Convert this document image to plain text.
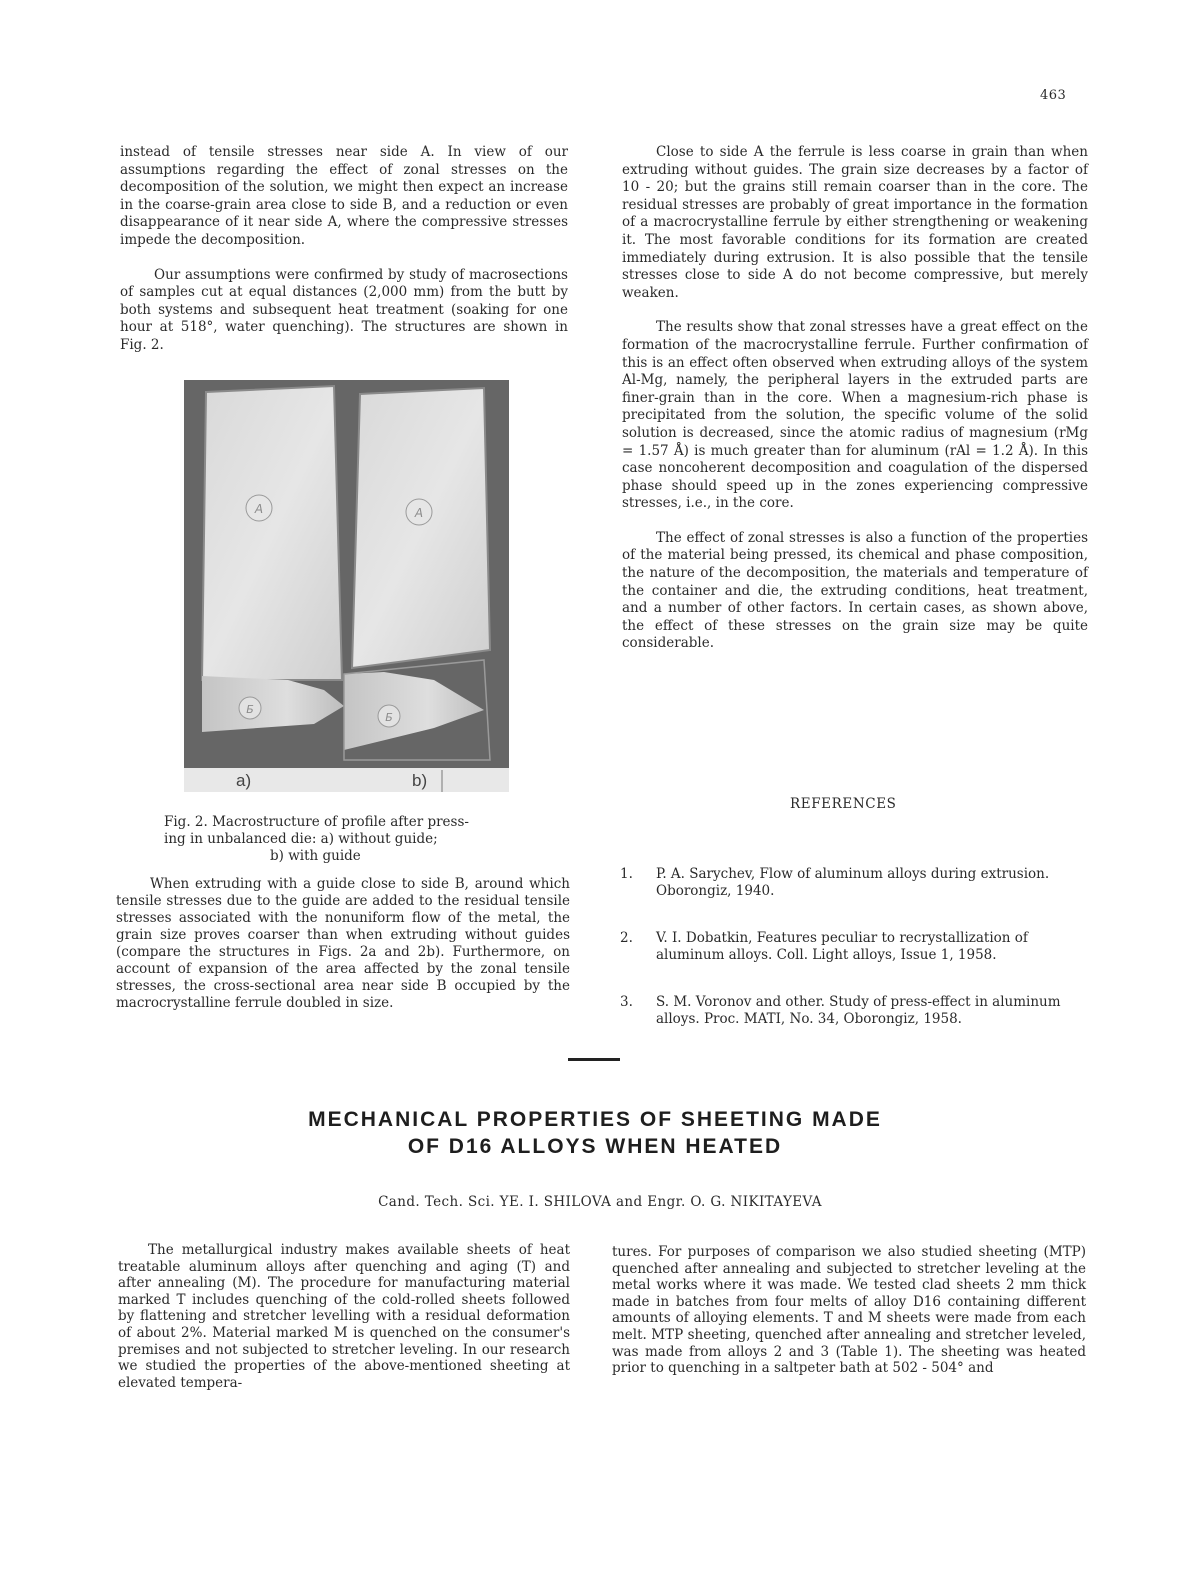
463

instead of tensile stresses near side A. In view of our assumptions regarding the effect of zonal stresses on the decomposition of the solution, we might then expect an increase in the coarse-grain area close to side B, and a reduction or even disappearance of it near side A, where the compressive stresses impede the decomposition.

Our assumptions were confirmed by study of macrosections of samples cut at equal distances (2,000 mm) from the butt by both systems and subsequent heat treatment (soaking for one hour at 518°, water quenching). The structures are shown in Fig. 2.

A	A
Б
Б
a)	b)
Fig. 2. Macrostructure of profile after press-
ing in unbalanced die: a) without guide;
b) with guide

When extruding with a guide close to side B, around which tensile stresses due to the guide are added to the residual tensile stresses associated with the nonuniform flow of the metal, the grain size proves coarser than when extruding without guides (compare the structures in Figs. 2a and 2b). Furthermore, on account of expansion of the area affected by the zonal tensile stresses, the cross-sectional area near side B occupied by the macrocrystalline ferrule doubled in size.

Close to side A the ferrule is less coarse in grain than when extruding without guides. The grain size decreases by a factor of 10 - 20; but the grains still remain coarser than in the core. The residual stresses are probably of great importance in the formation of a macrocrystalline ferrule by either strengthening or weakening it. The most favorable conditions for its formation are created immediately during extrusion. It is also possible that the tensile stresses close to side A do not become compressive, but merely weaken.

The results show that zonal stresses have a great effect on the formation of the macrocrystalline ferrule. Further confirmation of this is an effect often observed when extruding alloys of the system Al-Mg, namely, the peripheral layers in the extruded parts are finer-grain than in the core. When a magnesium-rich phase is precipitated from the solution, the specific volume of the solid solution is decreased, since the atomic radius of magnesium (rMg = 1.57 Å) is much greater than for aluminum (rAl = 1.2 Å). In this case noncoherent decomposition and coagulation of the dispersed phase should speed up in the zones experiencing compressive stresses, i.e., in the core.

The effect of zonal stresses is also a function of the properties of the material being pressed, its chemical and phase composition, the nature of the decomposition, the materials and temperature of the container and die, the extruding conditions, heat treatment, and a number of other factors. In certain cases, as shown above, the effect of these stresses on the grain size may be quite considerable.

REFERENCES
1. P. A. Sarychev, Flow of aluminum alloys during extrusion. Oborongiz, 1940.
2. V. I. Dobatkin, Features peculiar to recrystallization of aluminum alloys. Coll. Light alloys, Issue 1, 1958.
3. S. M. Voronov and other. Study of press-effect in aluminum alloys. Proc. MATI, No. 34, Oborongiz, 1958.
MECHANICAL PROPERTIES OF SHEETING MADE
OF D16 ALLOYS WHEN HEATED
Cand. Tech. Sci. YE. I. SHILOVA and Engr. O. G. NIKITAYEVA

The metallurgical industry makes available sheets of heat treatable aluminum alloys after quenching and aging (T) and after annealing (M). The procedure for manufacturing material marked T includes quenching of the cold-rolled sheets followed by flattening and stretcher levelling with a residual deformation of about 2%. Material marked M is quenched on the consumer's premises and not subjected to stretcher leveling. In our research we studied the properties of the above-mentioned sheeting at elevated tempera-

tures. For purposes of comparison we also studied sheeting (MTP) quenched after annealing and subjected to stretcher leveling at the metal works where it was made. We tested clad sheets 2 mm thick made in batches from four melts of alloy D16 containing different amounts of alloying elements. T and M sheets were made from each melt. MTP sheeting, quenched after annealing and stretcher leveled, was made from alloys 2 and 3 (Table 1). The sheeting was heated prior to quenching in a saltpeter bath at 502 - 504° and
